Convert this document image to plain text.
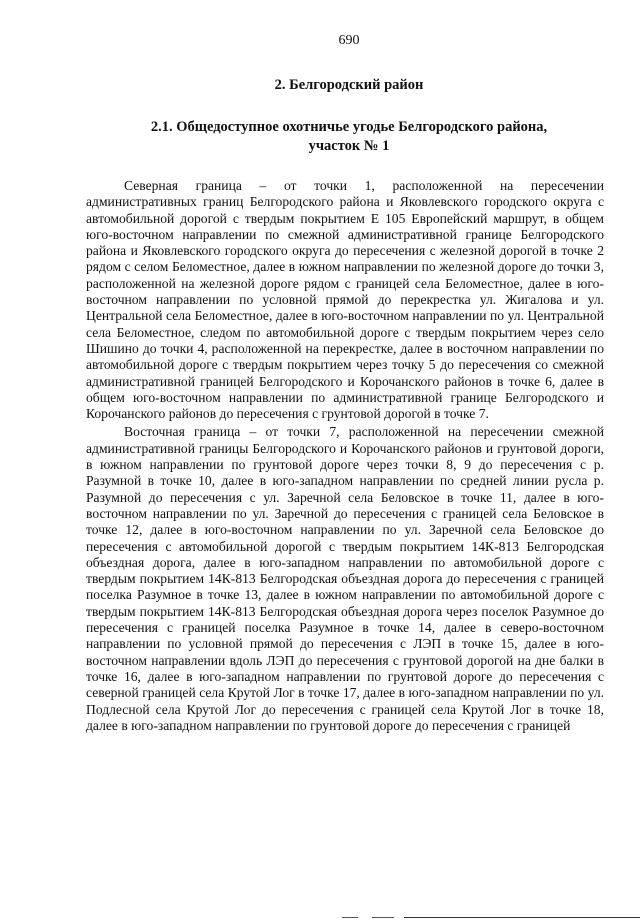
690
2. Белгородский район
2.1. Общедоступное охотничье угодье Белгородского района,
участок № 1

Северная граница – от точки 1, расположенной на пересечении административных границ Белгородского района и Яковлевского городского округа с автомобильной дорогой с твердым покрытием Е 105 Европейский маршрут, в общем юго-восточном направлении по смежной административной границе Белгородского района и Яковлевского городского округа до пересечения с железной дорогой в точке 2 рядом с селом Беломестное, далее в южном направлении по железной дороге до точки 3, расположенной на железной дороге рядом с границей села Беломестное, далее в юго-восточном направлении по условной прямой до перекрестка ул. Жигалова и ул. Центральной села Беломестное, далее в юго-восточном направлении по ул. Центральной села Беломестное, следом по автомобильной дороге с твердым покрытием через село Шишино до точки 4, расположенной на перекрестке, далее в восточном направлении по автомобильной дороге с твердым покрытием через точку 5 до пересечения со смежной административной границей Белгородского и Корочанского районов в точке 6, далее в общем юго-восточном направлении по административной границе Белгородского и Корочанского районов до пересечения с грунтовой дорогой в точке 7.

Восточная граница – от точки 7, расположенной на пересечении смежной административной границы Белгородского и Корочанского районов и грунтовой дороги, в южном направлении по грунтовой дороге через точки 8, 9 до пересечения с р. Разумной в точке 10, далее в юго-западном направлении по средней линии русла р. Разумной до пересечения с ул. Заречной села Беловское в точке 11, далее в юго-восточном направлении по ул. Заречной до пересечения с границей села Беловское в точке 12, далее в юго-восточном направлении по ул. Заречной села Беловское до пересечения с автомобильной дорогой с твердым покрытием 14К-813 Белгородская объездная дорога, далее в юго-западном направлении по автомобильной дороге с твердым покрытием 14К-813 Белгородская объездная дорога до пересечения с границей поселка Разумное в точке 13, далее в южном направлении по автомобильной дороге с твердым покрытием 14К-813 Белгородская объездная дорога через поселок Разумное до пересечения с границей поселка Разумное в точке 14, далее в северо-восточном направлении по условной прямой до пересечения с ЛЭП в точке 15, далее в юго-восточном направлении вдоль ЛЭП до пересечения с грунтовой дорогой на дне балки в точке 16, далее в юго-западном направлении по грунтовой дороге до пересечения с северной границей села Крутой Лог в точке 17, далее в юго-западном направлении по ул. Подлесной села Крутой Лог до пересечения с границей села Крутой Лог в точке 18, далее в юго-западном направлении по грунтовой дороге до пересечения с границей
